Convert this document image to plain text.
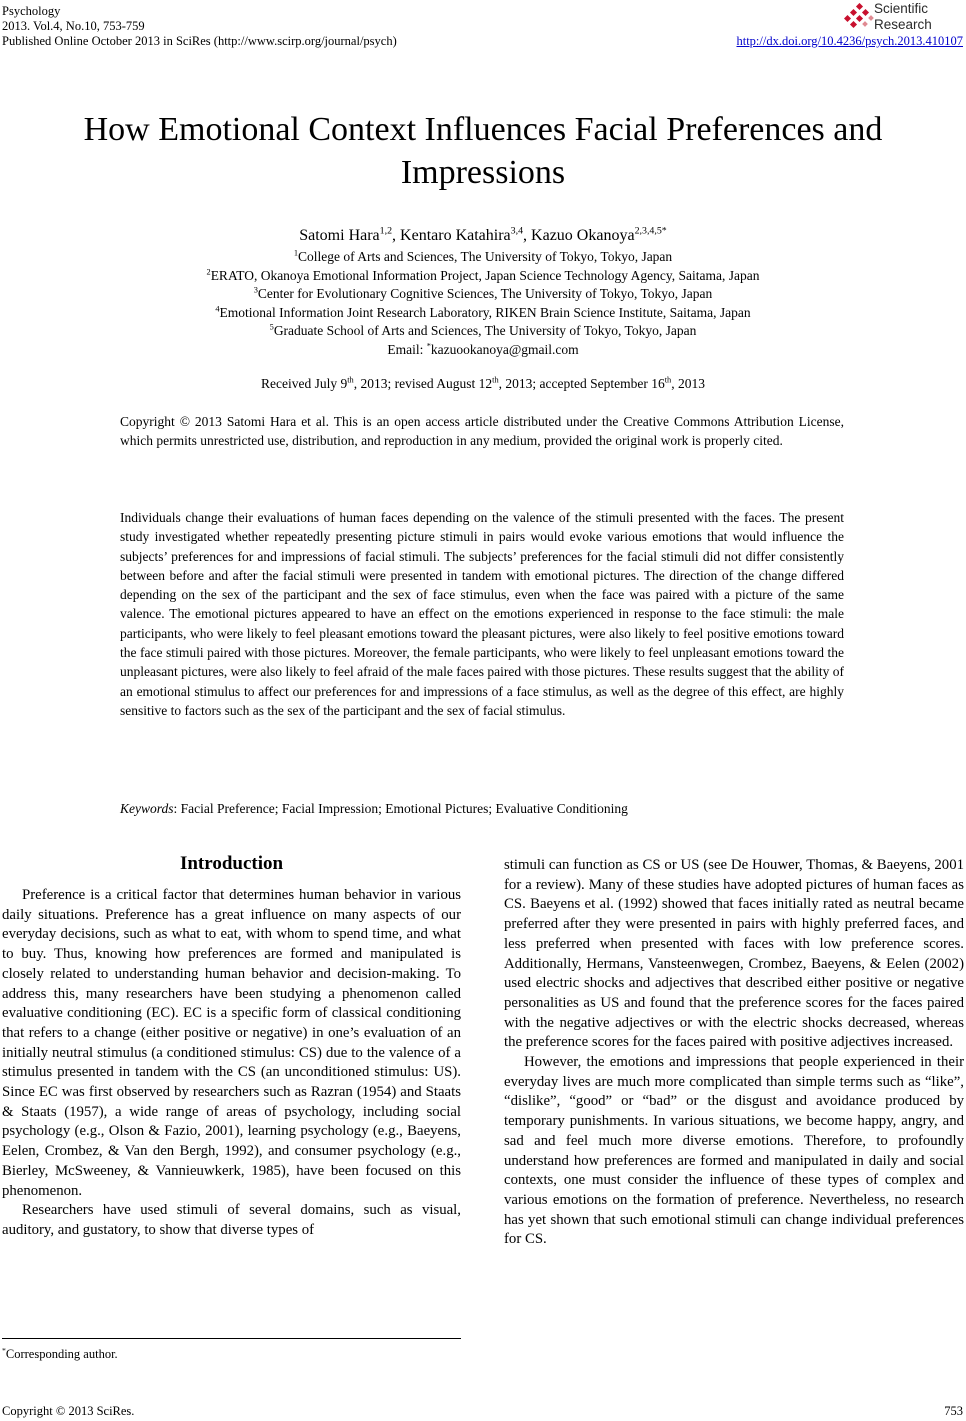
Psychology
2013. Vol.4, No.10, 753-759
Published Online October 2013 in SciRes (http://www.scirp.org/journal/psych)	http://dx.doi.org/10.4236/psych.2013.410107
Scientific
Research
How Emotional Context Influences Facial Preferences and
Impressions
Satomi Hara$^{1,2}$, Kentaro Katahira$^{3,4}$, Kazuo Okanoya$^{2,3,4,5*}$
$^1$College of Arts and Sciences, The University of Tokyo, Tokyo, Japan
$^2$ERATO, Okanoya Emotional Information Project, Japan Science Technology Agency, Saitama, Japan
$^3$Center for Evolutionary Cognitive Sciences, The University of Tokyo, Tokyo, Japan
$^4$Emotional Information Joint Research Laboratory, RIKEN Brain Science Institute, Saitama, Japan
$^5$Graduate School of Arts and Sciences, The University of Tokyo, Tokyo, Japan
Email: *kazuookanoya@gmail.com
Received July 9th, 2013; revised August 12th, 2013; accepted September 16th, 2013
Copyright © 2013 Satomi Hara et al. This is an open access article distributed under the Creative Commons Attribution License, which permits unrestricted use, distribution, and reproduction in any medium, provided the original work is properly cited.
Individuals change their evaluations of human faces depending on the valence of the stimuli presented with the faces. The present study investigated whether repeatedly presenting picture stimuli in pairs would evoke various emotions that would influence the subjects’ preferences for and impressions of facial stimuli. The subjects’ preferences for the facial stimuli did not differ consistently between before and after the facial stimuli were presented in tandem with emotional pictures. The direction of the change differed depending on the sex of the participant and the sex of face stimulus, even when the face was paired with a picture of the same valence. The emotional pictures appeared to have an effect on the emotions experienced in response to the face stimuli: the male participants, who were likely to feel pleasant emotions toward the pleasant pictures, were also likely to feel positive emotions toward the face stimuli paired with those pictures. Moreover, the female participants, who were likely to feel unpleasant emotions toward the unpleasant pictures, were also likely to feel afraid of the male faces paired with those pictures. These results suggest that the ability of an emotional stimulus to affect our preferences for and impressions of a face stimulus, as well as the degree of this effect, are highly sensitive to factors such as the sex of the participant and the sex of facial stimulus.
Keywords: Facial Preference; Facial Impression; Emotional Pictures; Evaluative Conditioning
Introduction

Preference is a critical factor that determines human behavior in various daily situations. Preference has a great influence on many aspects of our everyday decisions, such as what to eat, with whom to spend time, and what to buy. Thus, knowing how preferences are formed and manipulated is closely related to understanding human behavior and decision-making. To address this, many researchers have been studying a phenomenon called evaluative conditioning (EC). EC is a specific form of classical conditioning that refers to a change (either positive or negative) in one’s evaluation of an initially neutral stimulus (a conditioned stimulus: CS) due to the valence of a stimulus presented in tandem with the CS (an unconditioned stimulus: US). Since EC was first observed by researchers such as Razran (1954) and Staats & Staats (1957), a wide range of areas of psychology, including social psychology (e.g., Olson & Fazio, 2001), learning psychology (e.g., Baeyens, Eelen, Crombez, & Van den Bergh, 1992), and consumer psychology (e.g., Bierley, McSweeney, & Vannieuwkerk, 1985), have been focused on this phenomenon.

Researchers have used stimuli of several domains, such as visual, auditory, and gustatory, to show that diverse types of

*Corresponding author.

stimuli can function as CS or US (see De Houwer, Thomas, & Baeyens, 2001 for a review). Many of these studies have adopted pictures of human faces as CS. Baeyens et al. (1992) showed that faces initially rated as neutral became preferred after they were presented in pairs with highly preferred faces, and less preferred when presented with faces with low preference scores. Additionally, Hermans, Vansteenwegen, Crombez, Baeyens, & Eelen (2002) used electric shocks and adjectives that described either positive or negative personalities as US and found that the preference scores for the faces paired with the negative adjectives or with the electric shocks decreased, whereas the preference scores for the faces paired with positive adjectives increased.

However, the emotions and impressions that people experienced in their everyday lives are much more complicated than simple terms such as “like”, “dislike”, “good” or “bad” or the disgust and avoidance produced by temporary punishments. In various situations, we become happy, angry, and sad and feel much more diverse emotions. Therefore, to profoundly understand how preferences are formed and manipulated in daily and social contexts, one must consider the influence of these types of complex and various emotions on the formation of preference. Nevertheless, no research has yet shown that such emotional stimuli can change individual preferences for CS.

Copyright © 2013 SciRes.	753
